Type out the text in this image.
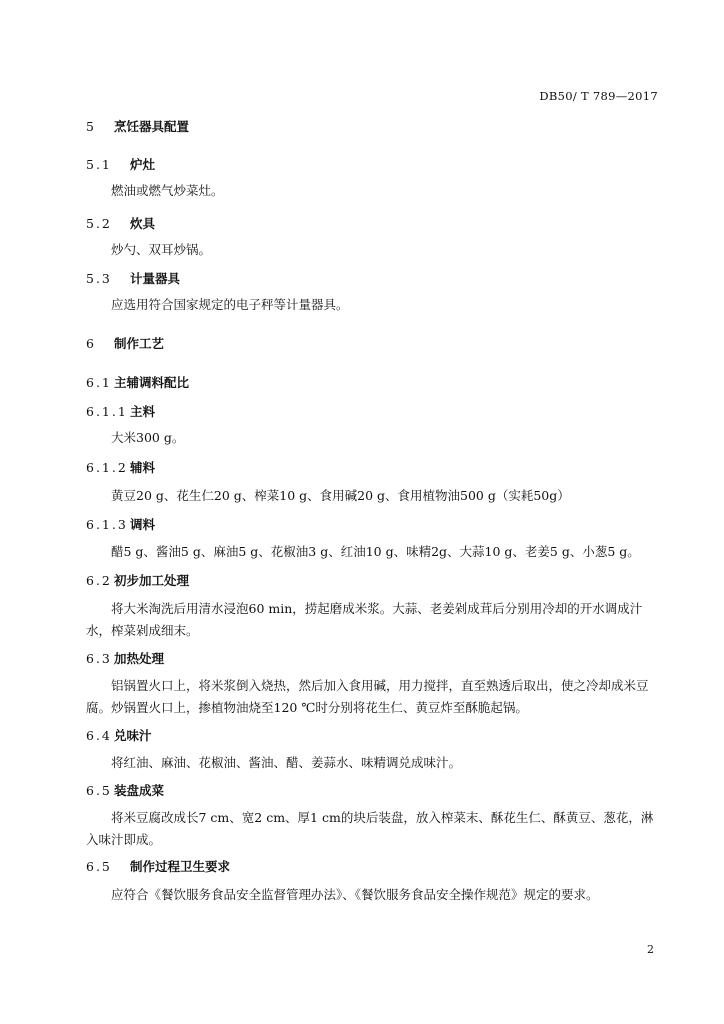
DB50/ T 789—2017
5 烹饪器具配置
5.1 炉灶
燃油或燃气炒菜灶。
5.2 炊具
炒勺、双耳炒锅。
5.3 计量器具
应选用符合国家规定的电子秤等计量器具。
6 制作工艺
6.1 主辅调料配比
6.1.1 主料
大米300 g。
6.1.2 辅料
黄豆20 g、花生仁20 g、榨菜10 g、食用碱20 g、食用植物油500 g（实耗50g）
6.1.3 调料
醋5 g、酱油5 g、麻油5 g、花椒油3 g、红油10 g、味精2g、大蒜10 g、老姜5 g、小葱5 g。
6.2 初步加工处理
将大米淘洗后用清水浸泡60 min，捞起磨成米浆。大蒜、老姜剁成茸后分别用冷却的开水调成汁水，榨菜剁成细末。
6.3 加热处理
铝锅置火口上，将米浆倒入烧热，然后加入食用碱，用力搅拌，直至熟透后取出，使之冷却成米豆腐。炒锅置火口上，掺植物油烧至120 ℃时分别将花生仁、黄豆炸至酥脆起锅。
6.4 兑味汁
将红油、麻油、花椒油、酱油、醋、姜蒜水、味精调兑成味汁。
6.5 装盘成菜
将米豆腐改成长7 cm、宽2 cm、厚1 cm的块后装盘，放入榨菜末、酥花生仁、酥黄豆、葱花，淋入味汁即成。
6.5 制作过程卫生要求
应符合《餐饮服务食品安全监督管理办法》、《餐饮服务食品安全操作规范》规定的要求。
2
